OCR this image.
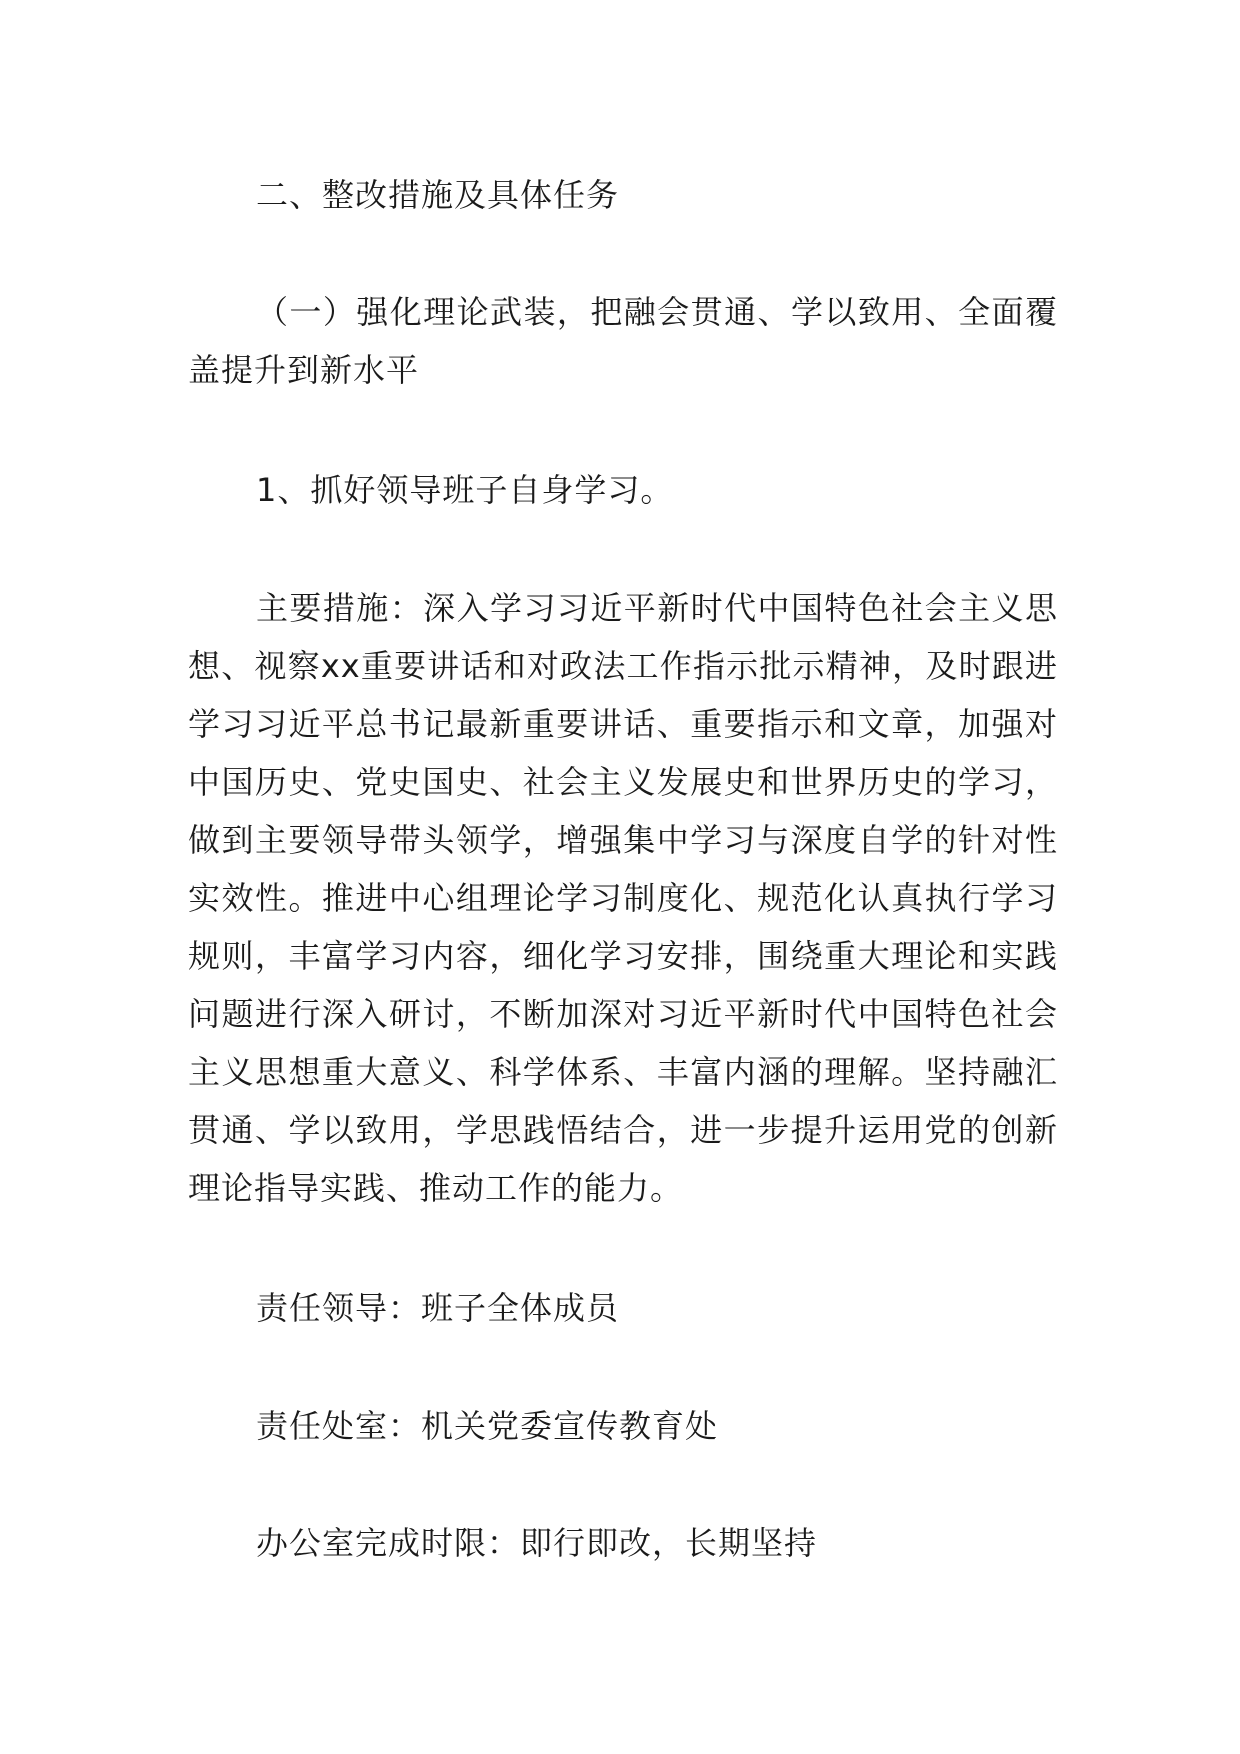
二、整改措施及具体任务

（一）强化理论武装，把融会贯通、学以致用、全面覆盖提升到新水平

1、抓好领导班子自身学习。

主要措施：深入学习习近平新时代中国特色社会主义思想、视察xx重要讲话和对政法工作指示批示精神，及时跟进学习习近平总书记最新重要讲话、重要指示和文章，加强对中国历史、党史国史、社会主义发展史和世界历史的学习，做到主要领导带头领学，增强集中学习与深度自学的针对性实效性。推进中心组理论学习制度化、规范化认真执行学习规则，丰富学习内容，细化学习安排，围绕重大理论和实践问题进行深入研讨，不断加深对习近平新时代中国特色社会主义思想重大意义、科学体系、丰富内涵的理解。坚持融汇贯通、学以致用，学思践悟结合，进一步提升运用党的创新理论指导实践、推动工作的能力。

责任领导：班子全体成员

责任处室：机关党委宣传教育处

办公室完成时限：即行即改，长期坚持
